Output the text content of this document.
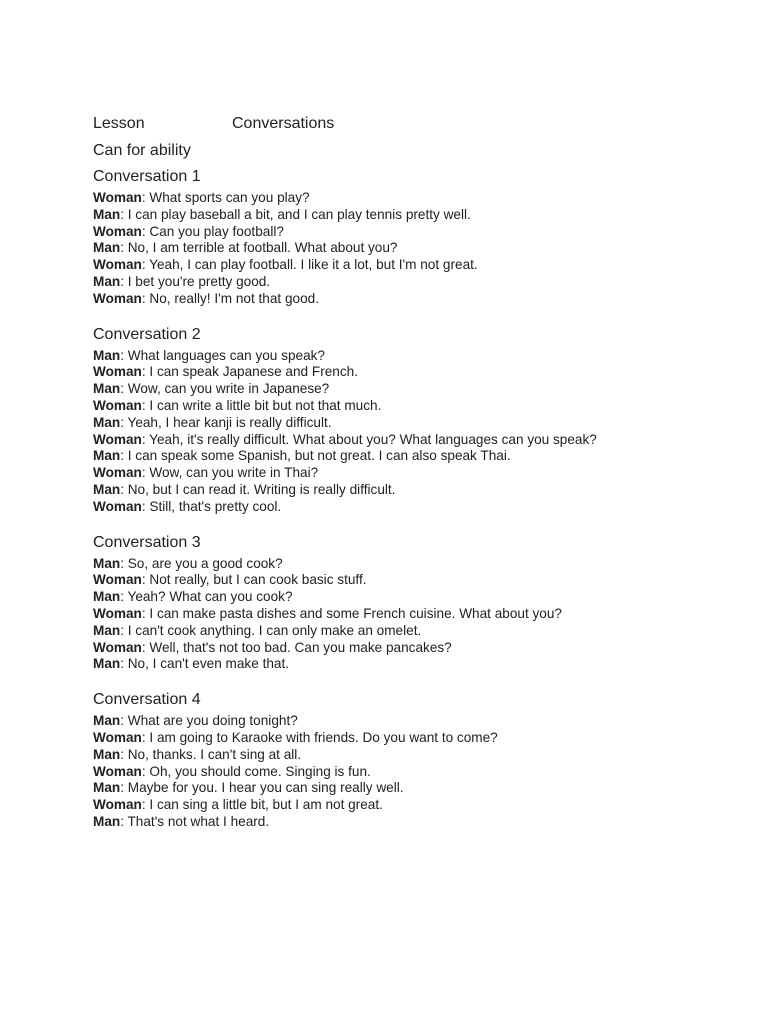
Lesson	Conversations
Can for ability
Conversation 1
Woman: What sports can you play?
Man: I can play baseball a bit, and I can play tennis pretty well.
Woman: Can you play football?
Man: No, I am terrible at football. What about you?
Woman: Yeah, I can play football. I like it a lot, but I'm not great.
Man: I bet you're pretty good.
Woman: No, really! I'm not that good.
Conversation 2
Man: What languages can you speak?
Woman: I can speak Japanese and French.
Man: Wow, can you write in Japanese?
Woman: I can write a little bit but not that much.
Man: Yeah, I hear kanji is really difficult.
Woman: Yeah, it's really difficult. What about you? What languages can you speak?
Man: I can speak some Spanish, but not great. I can also speak Thai.
Woman: Wow, can you write in Thai?
Man: No, but I can read it. Writing is really difficult.
Woman: Still, that's pretty cool.
Conversation 3
Man: So, are you a good cook?
Woman: Not really, but I can cook basic stuff.
Man: Yeah? What can you cook?
Woman: I can make pasta dishes and some French cuisine. What about you?
Man: I can't cook anything. I can only make an omelet.
Woman: Well, that's not too bad. Can you make pancakes?
Man: No, I can't even make that.
Conversation 4
Man: What are you doing tonight?
Woman: I am going to Karaoke with friends. Do you want to come?
Man: No, thanks. I can't sing at all.
Woman: Oh, you should come. Singing is fun.
Man: Maybe for you. I hear you can sing really well.
Woman: I can sing a little bit, but I am not great.
Man: That's not what I heard.
